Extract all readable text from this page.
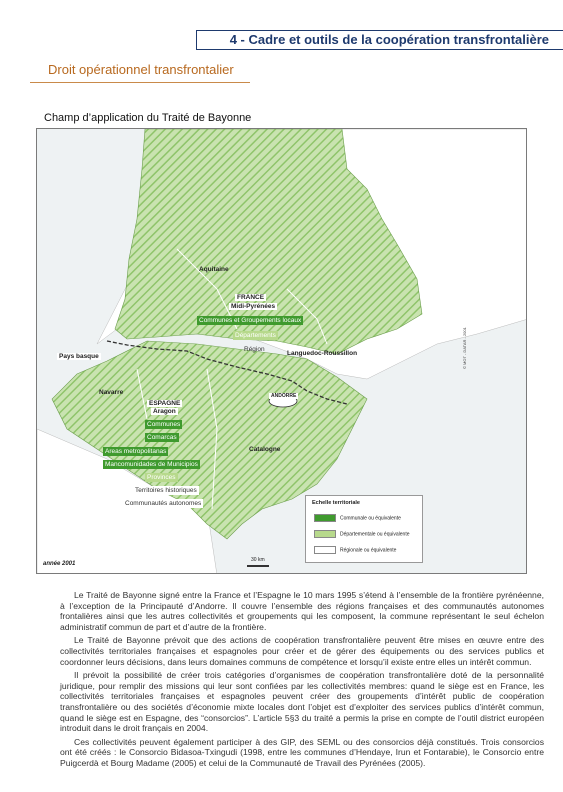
4 - Cadre et outils de la coopération transfrontalière
Droit opérationnel transfrontalier
Champ d’application du Traité de Bayonne
Aquitaine
FRANCE
Midi-Pyrénées
Communes et Groupements locaux
Départements
Région
Languedoc-Roussillon
Pays basque
Navarre	ANDORRE
ESPAGNE
Aragon
Communes
Comarcas
Areas metropolitanas
Mancomunidades de Municipios
Provinces
Territoires historiques
Communautés autonomes
Catalogne
Echelle territoriale
Communale ou équivalente
Départementale ou équivalente
Régionale ou équivalente
année 2001
30 km
© MOT - DATAR - 2001

Le Traité de Bayonne signé entre la France et l’Espagne le 10 mars 1995 s’étend à l’ensemble de la frontière pyrénéenne, à l’exception de la Principauté d’Andorre. Il couvre l’ensemble des régions françaises et des communautés autonomes frontalières ainsi que les autres collectivités et groupements qui les composent, la commune représentant le seul échelon administratif commun de part et d’autre de la frontière.

Le Traité de Bayonne prévoit que des actions de coopération transfrontalière peuvent être mises en œuvre entre des collectivités territoriales françaises et espagnoles pour créer et de gérer des équipements ou des services publics et coordonner leurs décisions, dans leurs domaines communs de compétence et lorsqu’il existe entre elles un intérêt commun.

Il prévoit la possibilité de créer trois catégories d’organismes de coopération transfrontalière doté de la personnalité juridique, pour remplir des missions qui leur sont confiées par les collectivités membres: quand le siège est en France, les collectivités territoriales françaises et espagnoles peuvent créer des groupements d’intérêt public de coopération transfrontalière ou des sociétés d’économie mixte locales dont l’objet est d’exploiter des services publics d’intérêt commun, quand le siège est en Espagne, des “consorcios”. L’article 5§3 du traité a permis la prise en compte de l’outil district européen introduit dans le droit français en 2004.

Ces collectivités peuvent également participer à des GIP, des SEML ou des consorcios déjà constitués. Trois consorcios ont été créés : le Consorcio Bidasoa-Txingudi (1998, entre les communes d’Hendaye, Irun et Fontarabie), le Consorcio entre Puigcerdà et Bourg Madame (2005) et celui de la Communauté de Travail des Pyrénées (2005).
